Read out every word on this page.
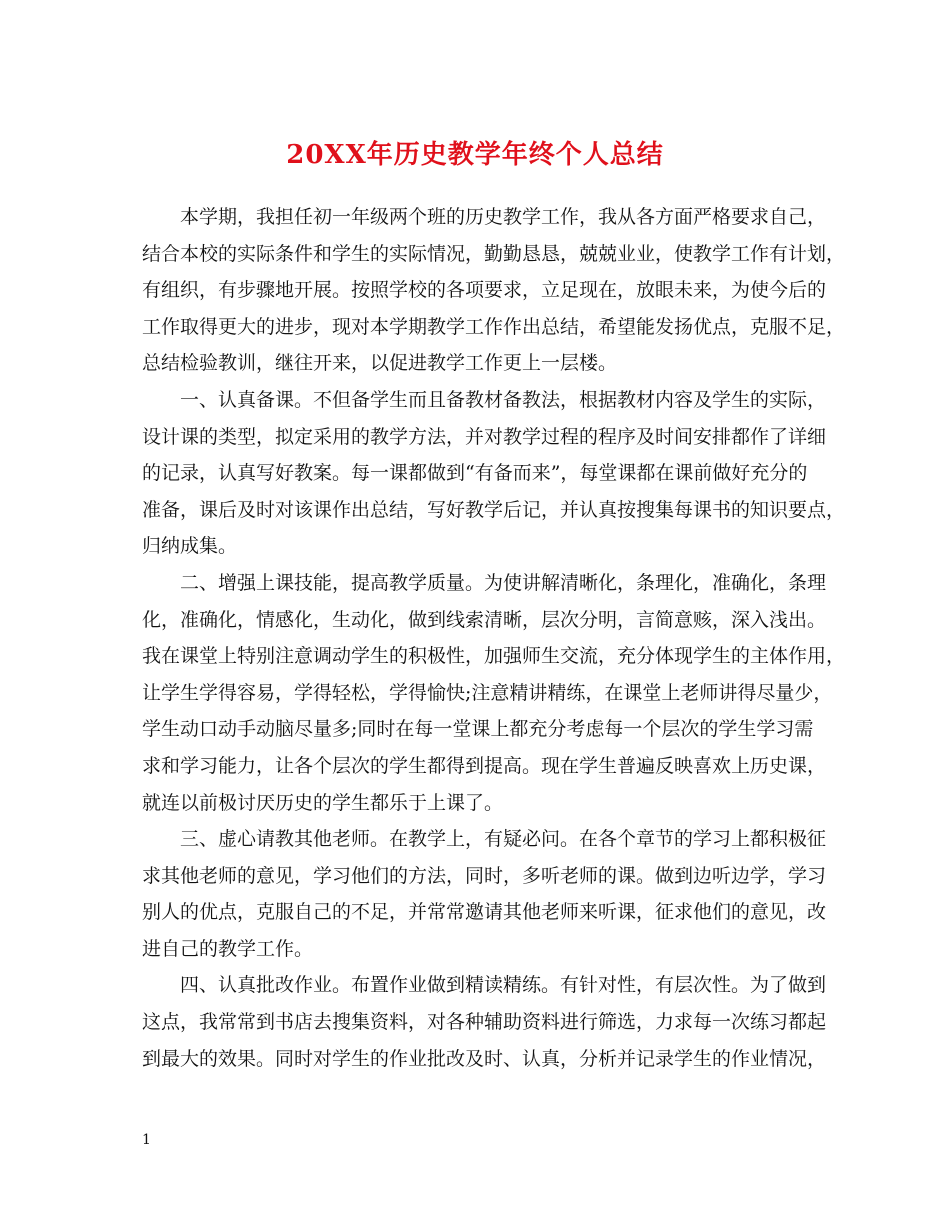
20XX年历史教学年终个人总结

本学期，我担任初一年级两个班的历史教学工作，我从各方面严格要求自己，
结合本校的实际条件和学生的实际情况，勤勤恳恳，兢兢业业，使教学工作有计划，
有组织，有步骤地开展。按照学校的各项要求，立足现在，放眼未来，为使今后的
工作取得更大的进步，现对本学期教学工作作出总结，希望能发扬优点，克服不足，
总结检验教训，继往开来，以促进教学工作更上一层楼。

一、认真备课。不但备学生而且备教材备教法，根据教材内容及学生的实际，
设计课的类型，拟定采用的教学方法，并对教学过程的程序及时间安排都作了详细
的记录，认真写好教案。每一课都做到“有备而来”，每堂课都在课前做好充分的
准备，课后及时对该课作出总结，写好教学后记，并认真按搜集每课书的知识要点，
归纳成集。

二、增强上课技能，提高教学质量。为使讲解清晰化，条理化，准确化，条理
化，准确化，情感化，生动化，做到线索清晰，层次分明，言简意赅，深入浅出。
我在课堂上特别注意调动学生的积极性，加强师生交流，充分体现学生的主体作用，
让学生学得容易，学得轻松，学得愉快;注意精讲精练，在课堂上老师讲得尽量少，
学生动口动手动脑尽量多;同时在每一堂课上都充分考虑每一个层次的学生学习需
求和学习能力，让各个层次的学生都得到提高。现在学生普遍反映喜欢上历史课，
就连以前极讨厌历史的学生都乐于上课了。

三、虚心请教其他老师。在教学上，有疑必问。在各个章节的学习上都积极征
求其他老师的意见，学习他们的方法，同时，多听老师的课。做到边听边学，学习
别人的优点，克服自己的不足，并常常邀请其他老师来听课，征求他们的意见，改
进自己的教学工作。

四、认真批改作业。布置作业做到精读精练。有针对性，有层次性。为了做到
这点，我常常到书店去搜集资料，对各种辅助资料进行筛选，力求每一次练习都起
到最大的效果。同时对学生的作业批改及时、认真，分析并记录学生的作业情况，

1
